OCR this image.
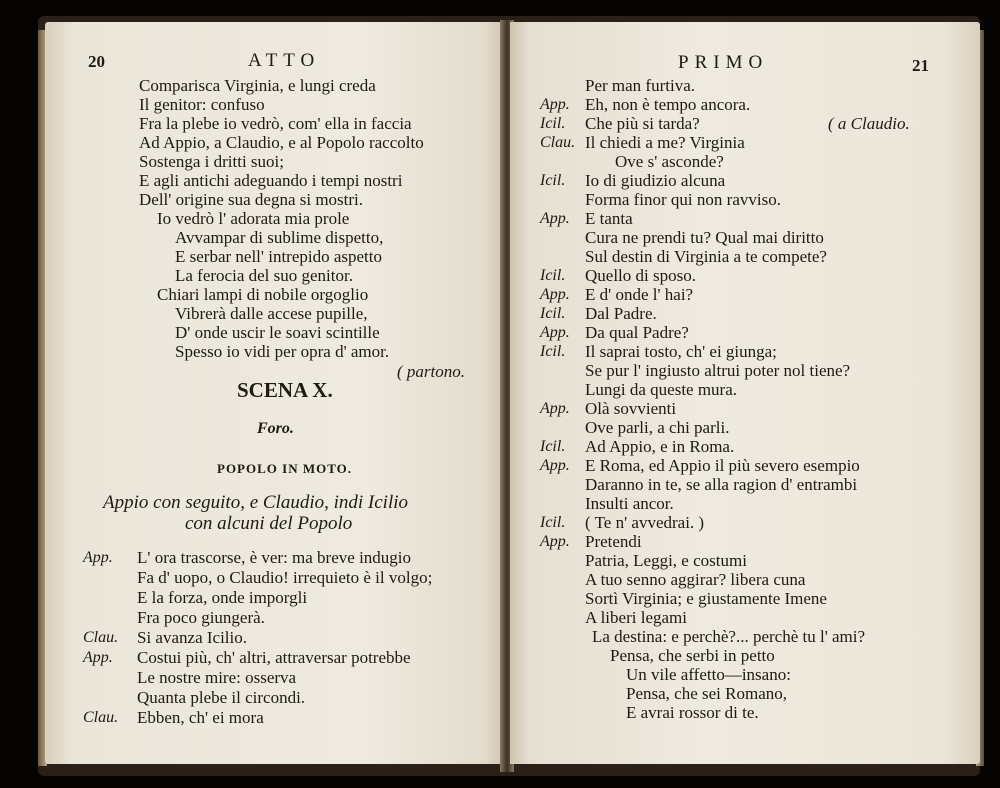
20	ATTO
Comparisca Virginia, e lungi creda
Il genitor: confuso
Fra la plebe io vedrò, com' ella in faccia
Ad Appio, a Claudio, e al Popolo raccolto
Sostenga i dritti suoi;
E agli antichi adeguando i tempi nostri
Dell' origine sua degna si mostri.
Io vedrò l' adorata mia prole
Avvampar di sublime dispetto,
E serbar nell' intrepido aspetto
La ferocia del suo genitor.
Chiari lampi di nobile orgoglio
Vibrerà dalle accese pupille,
D' onde uscir le soavi scintille
Spesso io vidi per opra d' amor.
( partono.
SCENA X.
Foro.
POPOLO IN MOTO.
Appio con seguito, e Claudio, indi Icilio
con alcuni del Popolo
App. L' ora trascorse, è ver: ma breve indugio
Fa d' uopo, o Claudio! irrequieto è il volgo;
E la forza, onde imporgli
Fra poco giungerà.
Clau. Si avanza Icilio.
App. Costui più, ch' altri, attraversar potrebbe
Le nostre mire: osserva
Quanta plebe il circondi.
Clau. Ebben, ch' ei mora
PRIMO	21
Per man furtiva.
App. Eh, non è tempo ancora.
Icil. Che più si tarda?	( a Claudio.
Clau. Il chiedi a me? Virginia
Ove s' asconde?
Icil. Io di giudizio alcuna
Forma finor qui non ravviso.
App. E tanta
Cura ne prendi tu? Qual mai diritto
Sul destin di Virginia a te compete?
Icil. Quello di sposo.
App. E d' onde l' hai?
Icil. Dal Padre.
App. Da qual Padre?
Icil. Il saprai tosto, ch' ei giunga;
Se pur l' ingiusto altrui poter nol tiene?
Lungi da queste mura.
App. Olà sovvienti
Ove parli, a chi parli.
Icil. Ad Appio, e in Roma.
App. E Roma, ed Appio il più severo esempio
Daranno in te, se alla ragion d' entrambi
Insulti ancor.
Icil. ( Te n' avvedrai. )
App. Pretendi
Patria, Leggi, e costumi
A tuo senno aggirar? libera cuna
Sortì Virginia; e giustamente Imene
A liberi legami
La destina: e perchè?... perchè tu l' ami?
Pensa, che serbi in petto
Un vile affetto—insano:
Pensa, che sei Romano,
E avrai rossor di te.
